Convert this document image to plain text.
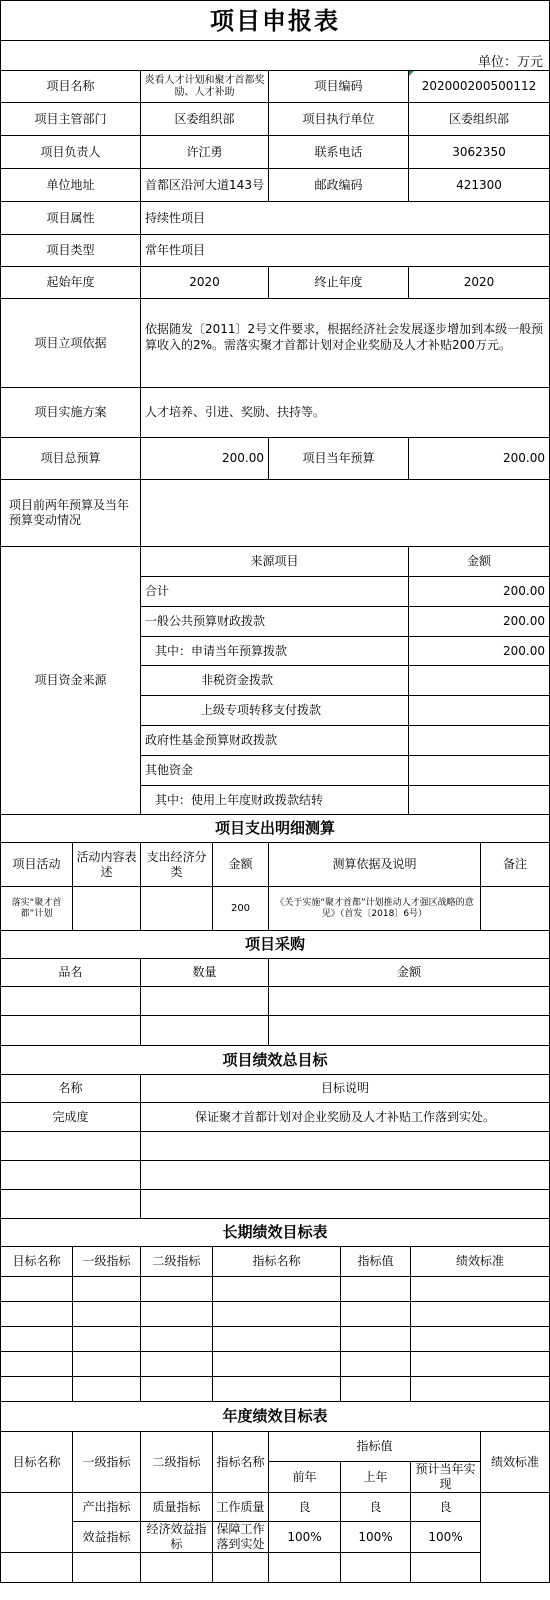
项目申报表			
单位：万元			
项目名称	炎看人才计划和聚才首都奖励、人才补助	项目编码	20200020050011​2
项目主管部门	区委组织部	项目执行单位	区委组织部
项目负责人	许江勇	联系电话	3062350
单位地址	首都区沿河大道143号	邮政编码	421300
项目属性	持续性项目		
项目类型	常年性项目		
起始年度	2020	终止年度	2020
项目立项依据	依据随发〔2011〕2号文件要求，根据经济社会发展逐步增加到本级一般预算收入的2%。需落实聚才首都计划对企业奖励及人才补贴200万元。		
项目实施方案	人才培养、引进、奖励、扶持等。		
项目总预算	200.00	项目当年预算	200.00
项目前两年预算及当年预算变动情况			
项目资金来源	来源项目	金额
	合计	200.00
	一般公共预算财政拨款	200.00
	其中：申请当年预算拨款	200.00
	非税资金拨款	
	上级专项转移支付拨款	
	政府性基金预算财政拨款	
	其他资金	
	其中：使用上年度财政拨款结转	
项目支出明细测算					
项目活动	活动内容表述	支出经济分类	金额	测算依据及说明	备注
落实“聚才首都”计划			200	《关于实施“聚才首都”计划推动人才强区战略的意见》（首发〔2018〕6号）	
项目采购		
品名	数量	金额

项目绩效总目标	
名称	目标说明
完成度	保证聚才首都计划对企业奖励及人才补贴工作落到实处。

长期绩效目标表					
目标名称	一级指标	二级指标	指标名称	指标值	绩效标准

年度绩效目标表							
目标名称	一级指标	二级指标	指标名称	指标值			绩效标准
				前年	上年	预计当年实现	
	产出指标	质量指标	工作质量	良	良	良	
	效益指标	经济效益指标	保障工作落到实处	100%	100%	100%	
